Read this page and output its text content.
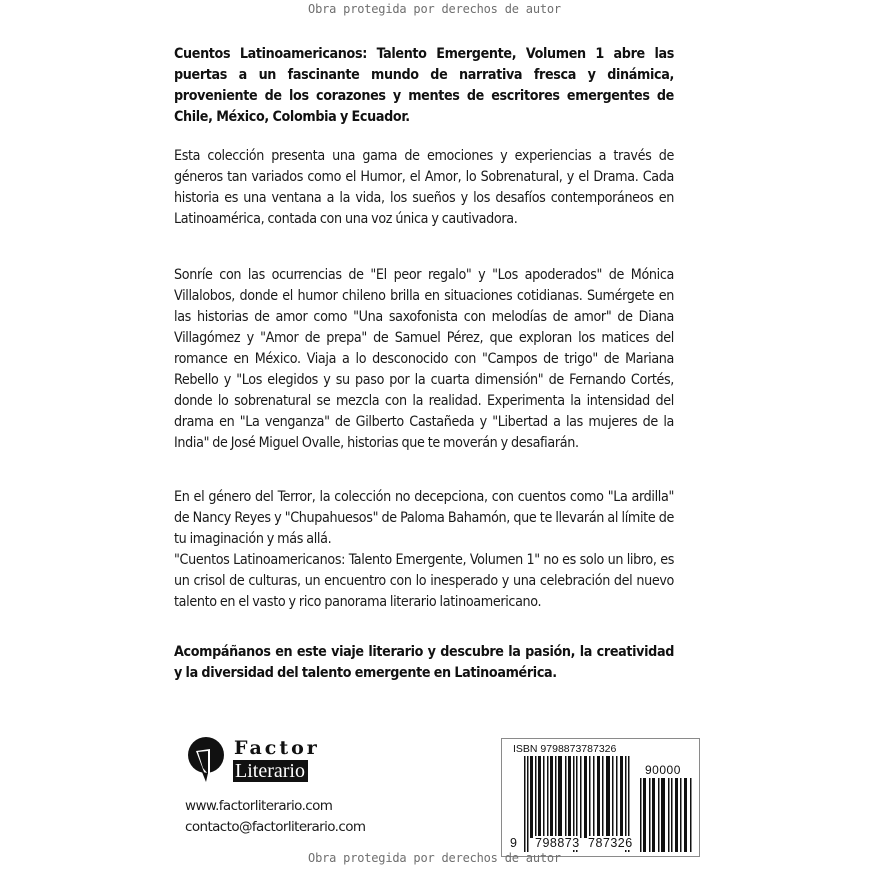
Obra protegida por derechos de autor

Cuentos Latinoamericanos: Talento Emergente, Volumen 1 abre las puertas a un fascinante mundo de narrativa fresca y dinámica, proveniente de los corazones y mentes de escritores emergentes de Chile, México, Colombia y Ecuador.

Esta colección presenta una gama de emociones y experiencias a través de géneros tan variados como el Humor, el Amor, lo Sobrenatural, y el Drama. Cada historia es una ventana a la vida, los sueños y los desafíos contemporáneos en Latinoamérica, contada con una voz única y cautivadora.

Sonríe con las ocurrencias de "El peor regalo" y "Los apoderados" de Mónica Villalobos, donde el humor chileno brilla en situaciones cotidianas. Sumérgete en las historias de amor como "Una saxofonista con melodías de amor" de Diana Villagómez y "Amor de prepa" de Samuel Pérez, que exploran los matices del romance en México. Viaja a lo desconocido con "Campos de trigo" de Mariana Rebello y "Los elegidos y su paso por la cuarta dimensión" de Fernando Cortés, donde lo sobrenatural se mezcla con la realidad. Experimenta la intensidad del drama en "La venganza" de Gilberto Castañeda y "Libertad a las mujeres de la India" de José Miguel Ovalle, historias que te moverán y desafiarán.

En el género del Terror, la colección no decepciona, con cuentos como "La ardilla" de Nancy Reyes y "Chupahuesos" de Paloma Bahamón, que te llevarán al límite de tu imaginación y más allá.

"Cuentos Latinoamericanos: Talento Emergente, Volumen 1" no es solo un libro, es un crisol de culturas, un encuentro con lo inesperado y una celebración del nuevo talento en el vasto y rico panorama literario latinoamericano.

Acompáñanos en este viaje literario y descubre la pasión, la creatividad y la diversidad del talento emergente en Latinoamérica.

Factor
Literario
www.factorliterario.com
contacto@factorliterario.com
ISBN 9798873787326
90000
9 798873 787326
Obra protegida por derechos de autor
